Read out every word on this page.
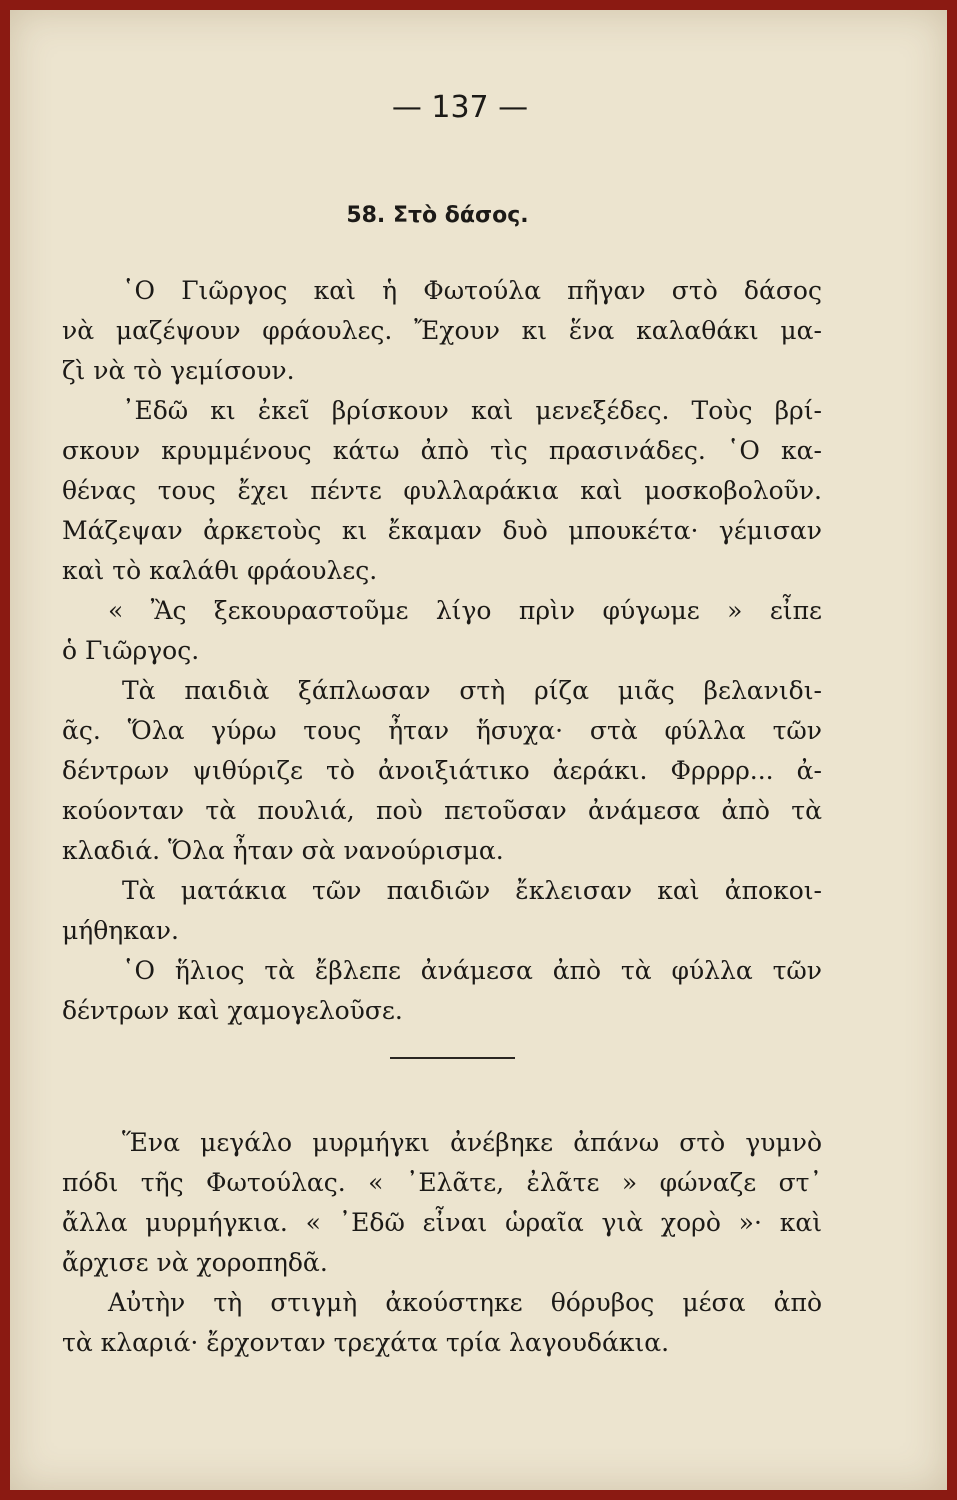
— 137 —
58. Στὸ δάσος.
῾Ο Γιῶργος καὶ ἡ Φωτούλα πῆγαν στὸ δάσος
νὰ μαζέψουν φράουλες. Ἔχουν κι ἕνα καλαθάκι μα-
ζὶ νὰ τὸ γεμίσουν.
᾿Εδῶ κι ἐκεῖ βρίσκουν καὶ μενεξέδες. Τοὺς βρί-
σκουν κρυμμένους κάτω ἀπὸ τὶς πρασινάδες. ῾Ο κα-
θένας τους ἔχει πέντε φυλλαράκια καὶ μοσκοβολοῦν.
Μάζεψαν ἀρκετοὺς κι ἔκαμαν δυὸ μπουκέτα· γέμισαν
καὶ τὸ καλάθι φράουλες.
« Ἂς ξεκουραστοῦμε λίγο πρὶν φύγωμε » εἶπε
ὁ Γιῶργος.
Τὰ παιδιὰ ξάπλωσαν στὴ ρίζα μιᾶς βελανιδι-
ᾶς. Ὅλα γύρω τους ἦταν ἥσυχα· στὰ φύλλα τῶν
δέντρων ψιθύριζε τὸ ἀνοιξιάτικο ἀεράκι. Φρρρρ... ἀ-
κούονταν τὰ πουλιά, ποὺ πετοῦσαν ἀνάμεσα ἀπὸ τὰ
κλαδιά. Ὅλα ἦταν σὰ νανούρισμα.
Τὰ ματάκια τῶν παιδιῶν ἔκλεισαν καὶ ἀποκοι-
μήθηκαν.
῾Ο ἥλιος τὰ ἔβλεπε ἀνάμεσα ἀπὸ τὰ φύλλα τῶν
δέντρων καὶ χαμογελοῦσε.
Ἕνα μεγάλο μυρμήγκι ἀνέβηκε ἀπάνω στὸ γυμνὸ
πόδι τῆς Φωτούλας. « ᾿Ελᾶτε, ἐλᾶτε » φώναζε στ᾿
ἄλλα μυρμήγκια. « ᾿Εδῶ εἶναι ὡραῖα γιὰ χορὸ »· καὶ
ἄρχισε νὰ χοροπηδᾶ.
Αὐτὴν τὴ στιγμὴ ἀκούστηκε θόρυβος μέσα ἀπὸ
τὰ κλαριά· ἔρχονταν τρεχάτα τρία λαγουδάκια.
